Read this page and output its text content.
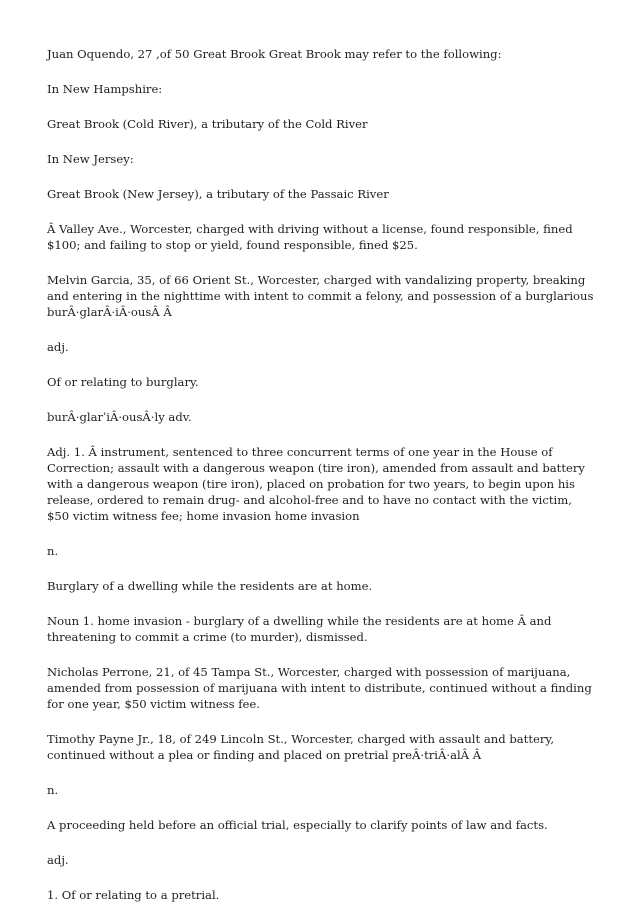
Juan Oquendo, 27 ,of 50 Great Brook Great Brook may refer to the following:

In New Hampshire:

Great Brook (Cold River), a tributary of the Cold River

In New Jersey:

Great Brook (New Jersey), a tributary of the Passaic River

Â Valley Ave., Worcester, charged with driving without a license, found responsible, fined $100; and failing to stop or yield, found responsible, fined $25.

Melvin Garcia, 35, of 66 Orient St., Worcester, charged with vandalizing property, breaking and entering in the nighttime with intent to commit a felony, and possession of a burglarious burÂ·glarÂ·iÂ·ousÂ Â

adj.

Of or relating to burglary.

burÂ·glarˈiÂ·ousÂ·ly adv.

Adj. 1. Â instrument, sentenced to three concurrent terms of one year in the House of Correction; assault with a dangerous weapon (tire iron), amended from assault and battery with a dangerous weapon (tire iron), placed on probation for two years, to begin upon his release, ordered to remain drug- and alcohol-free and to have no contact with the victim, $50 victim witness fee; home invasion home invasion

n.

Burglary of a dwelling while the residents are at home.

Noun 1. home invasion - burglary of a dwelling while the residents are at home Â and threatening to commit a crime (to murder), dismissed.

Nicholas Perrone, 21, of 45 Tampa St., Worcester, charged with possession of marijuana, amended from possession of marijuana with intent to distribute, continued without a finding for one year, $50 victim witness fee.

Timothy Payne Jr., 18, of 249 Lincoln St., Worcester, charged with assault and battery, continued without a plea or finding and placed on pretrial preÂ·triÂ·alÂ Â

n.

A proceeding held before an official trial, especially to clarify points of law and facts.

adj.

1. Of or relating to a pretrial.
